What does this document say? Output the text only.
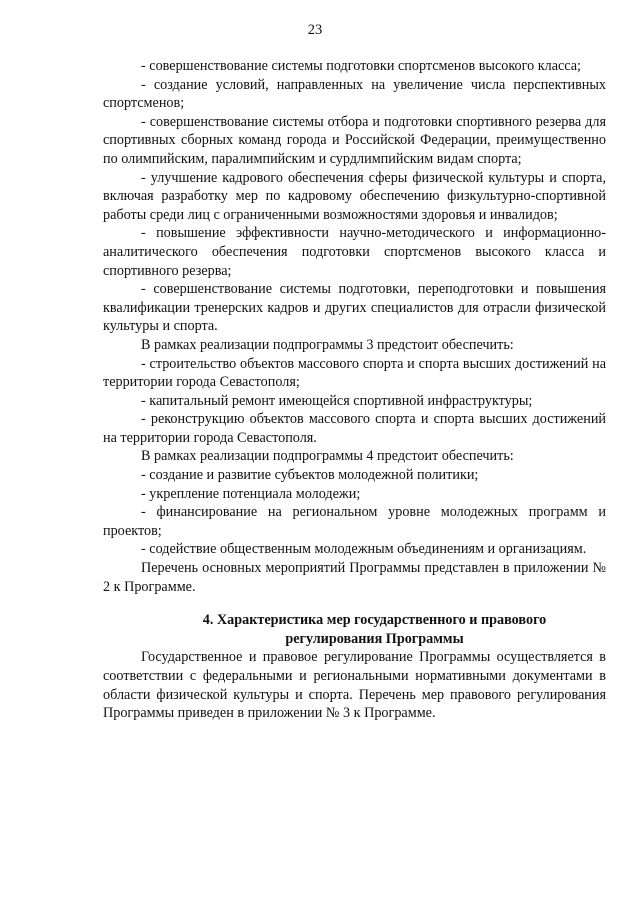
23

- совершенствование системы подготовки спортсменов высокого класса;

- создание условий, направленных на увеличение числа перспективных спортсменов;

- совершенствование системы отбора и подготовки спортивного резерва для спортивных сборных команд города и Российской Федерации, преимущественно по олимпийским, паралимпийским и сурдлимпийским видам спорта;

- улучшение кадрового обеспечения сферы физической культуры и спорта, включая разработку мер по кадровому обеспечению физкультурно-спортивной работы среди лиц с ограниченными возможностями здоровья и инвалидов;

- повышение эффективности научно-методического и информационно-аналитического обеспечения подготовки спортсменов высокого класса и спортивного резерва;

- совершенствование системы подготовки, переподготовки и повышения квалификации тренерских кадров и других специалистов для отрасли физической культуры и спорта.

В рамках реализации подпрограммы 3 предстоит обеспечить:

- строительство объектов массового спорта и спорта высших достижений на территории города Севастополя;

- капитальный ремонт имеющейся спортивной инфраструктуры;

- реконструкцию объектов массового спорта и спорта высших достижений на территории города Севастополя.

В рамках реализации подпрограммы 4 предстоит обеспечить:

- создание и развитие субъектов молодежной политики;

- укрепление потенциала молодежи;

- финансирование на региональном уровне молодежных программ и проектов;

- содействие общественным молодежным объединениям и организациям.

Перечень основных мероприятий Программы представлен в приложении № 2 к Программе.

4. Характеристика мер государственного и правового
регулирования Программы

Государственное и правовое регулирование Программы осуществляется в соответствии с федеральными и региональными нормативными документами в области физической культуры и спорта. Перечень мер правового регулирования Программы приведен в приложении № 3 к Программе.
